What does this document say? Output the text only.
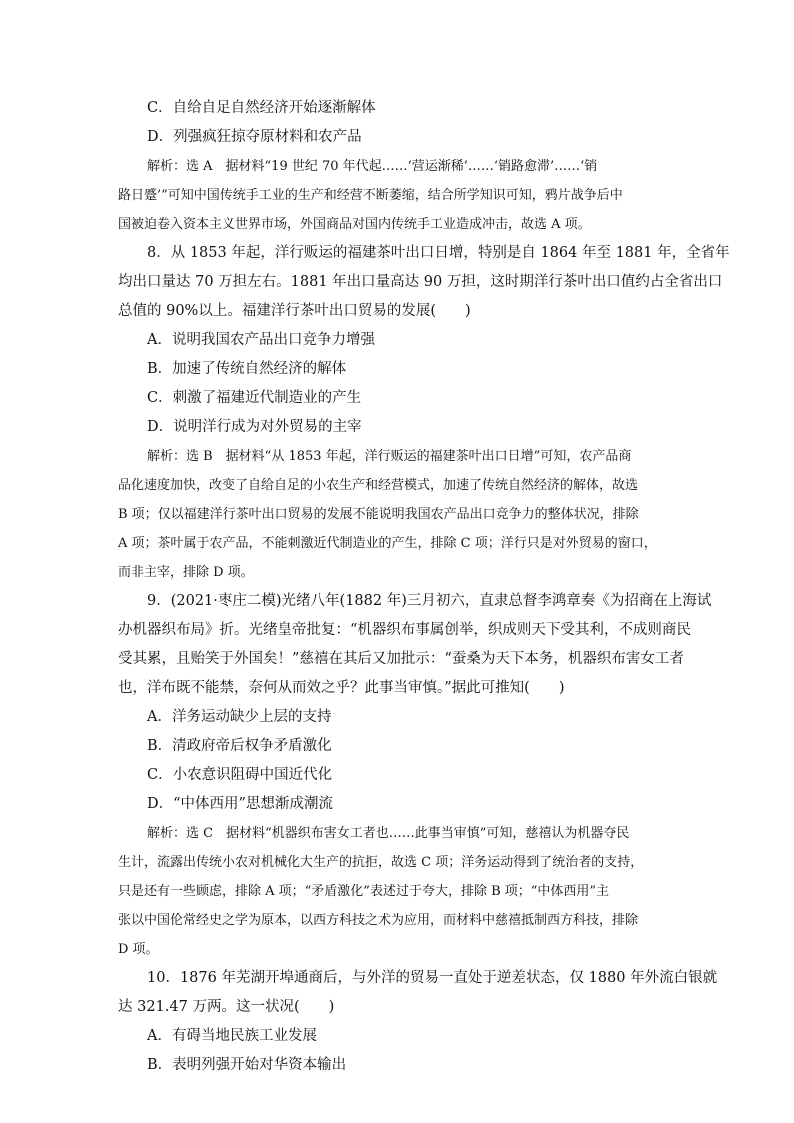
C．自给自足自然经济开始逐渐解体
D．列强疯狂掠夺原材料和农产品
解析：选 A　据材料“19 世纪 70 年代起……‘营运渐稀’……‘销路愈滞’……‘销
路日蹙’”可知中国传统手工业的生产和经营不断萎缩，结合所学知识可知，鸦片战争后中
国被迫卷入资本主义世界市场，外国商品对国内传统手工业造成冲击，故选 A 项。
8．从 1853 年起，洋行贩运的福建茶叶出口日增，特别是自 1864 年至 1881 年，全省年
均出口量达 70 万担左右。1881 年出口量高达 90 万担，这时期洋行茶叶出口值约占全省出口
总值的 90%以上。福建洋行茶叶出口贸易的发展(　　)
A．说明我国农产品出口竞争力增强
B．加速了传统自然经济的解体
C．刺激了福建近代制造业的产生
D．说明洋行成为对外贸易的主宰
解析：选 B　据材料“从 1853 年起，洋行贩运的福建茶叶出口日增”可知，农产品商
品化速度加快，改变了自给自足的小农生产和经营模式，加速了传统自然经济的解体，故选
B 项；仅以福建洋行茶叶出口贸易的发展不能说明我国农产品出口竞争力的整体状况，排除
A 项；茶叶属于农产品，不能刺激近代制造业的产生，排除 C 项；洋行只是对外贸易的窗口，
而非主宰，排除 D 项。
9．(2021·枣庄二模)光绪八年(1882 年)三月初六，直隶总督李鸿章奏《为招商在上海试
办机器织布局》折。光绪皇帝批复：“机器织布事属创举，织成则天下受其利，不成则商民
受其累，且贻笑于外国矣！”慈禧在其后又加批示：“蚕桑为天下本务，机器织布害女工者
也，洋布既不能禁，奈何从而效之乎？此事当审慎。”据此可推知(　　)
A．洋务运动缺少上层的支持
B．清政府帝后权争矛盾激化
C．小农意识阻碍中国近代化
D．“中体西用”思想渐成潮流
解析：选 C　据材料“机器织布害女工者也……此事当审慎”可知，慈禧认为机器夺民
生计，流露出传统小农对机械化大生产的抗拒，故选 C 项；洋务运动得到了统治者的支持，
只是还有一些顾虑，排除 A 项；“矛盾激化”表述过于夸大，排除 B 项；“中体西用”主
张以中国伦常经史之学为原本，以西方科技之术为应用，而材料中慈禧抵制西方科技，排除
D 项。
10．1876 年芜湖开埠通商后，与外洋的贸易一直处于逆差状态，仅 1880 年外流白银就
达 321.47 万两。这一状况(　　)
A．有碍当地民族工业发展
B．表明列强开始对华资本输出
